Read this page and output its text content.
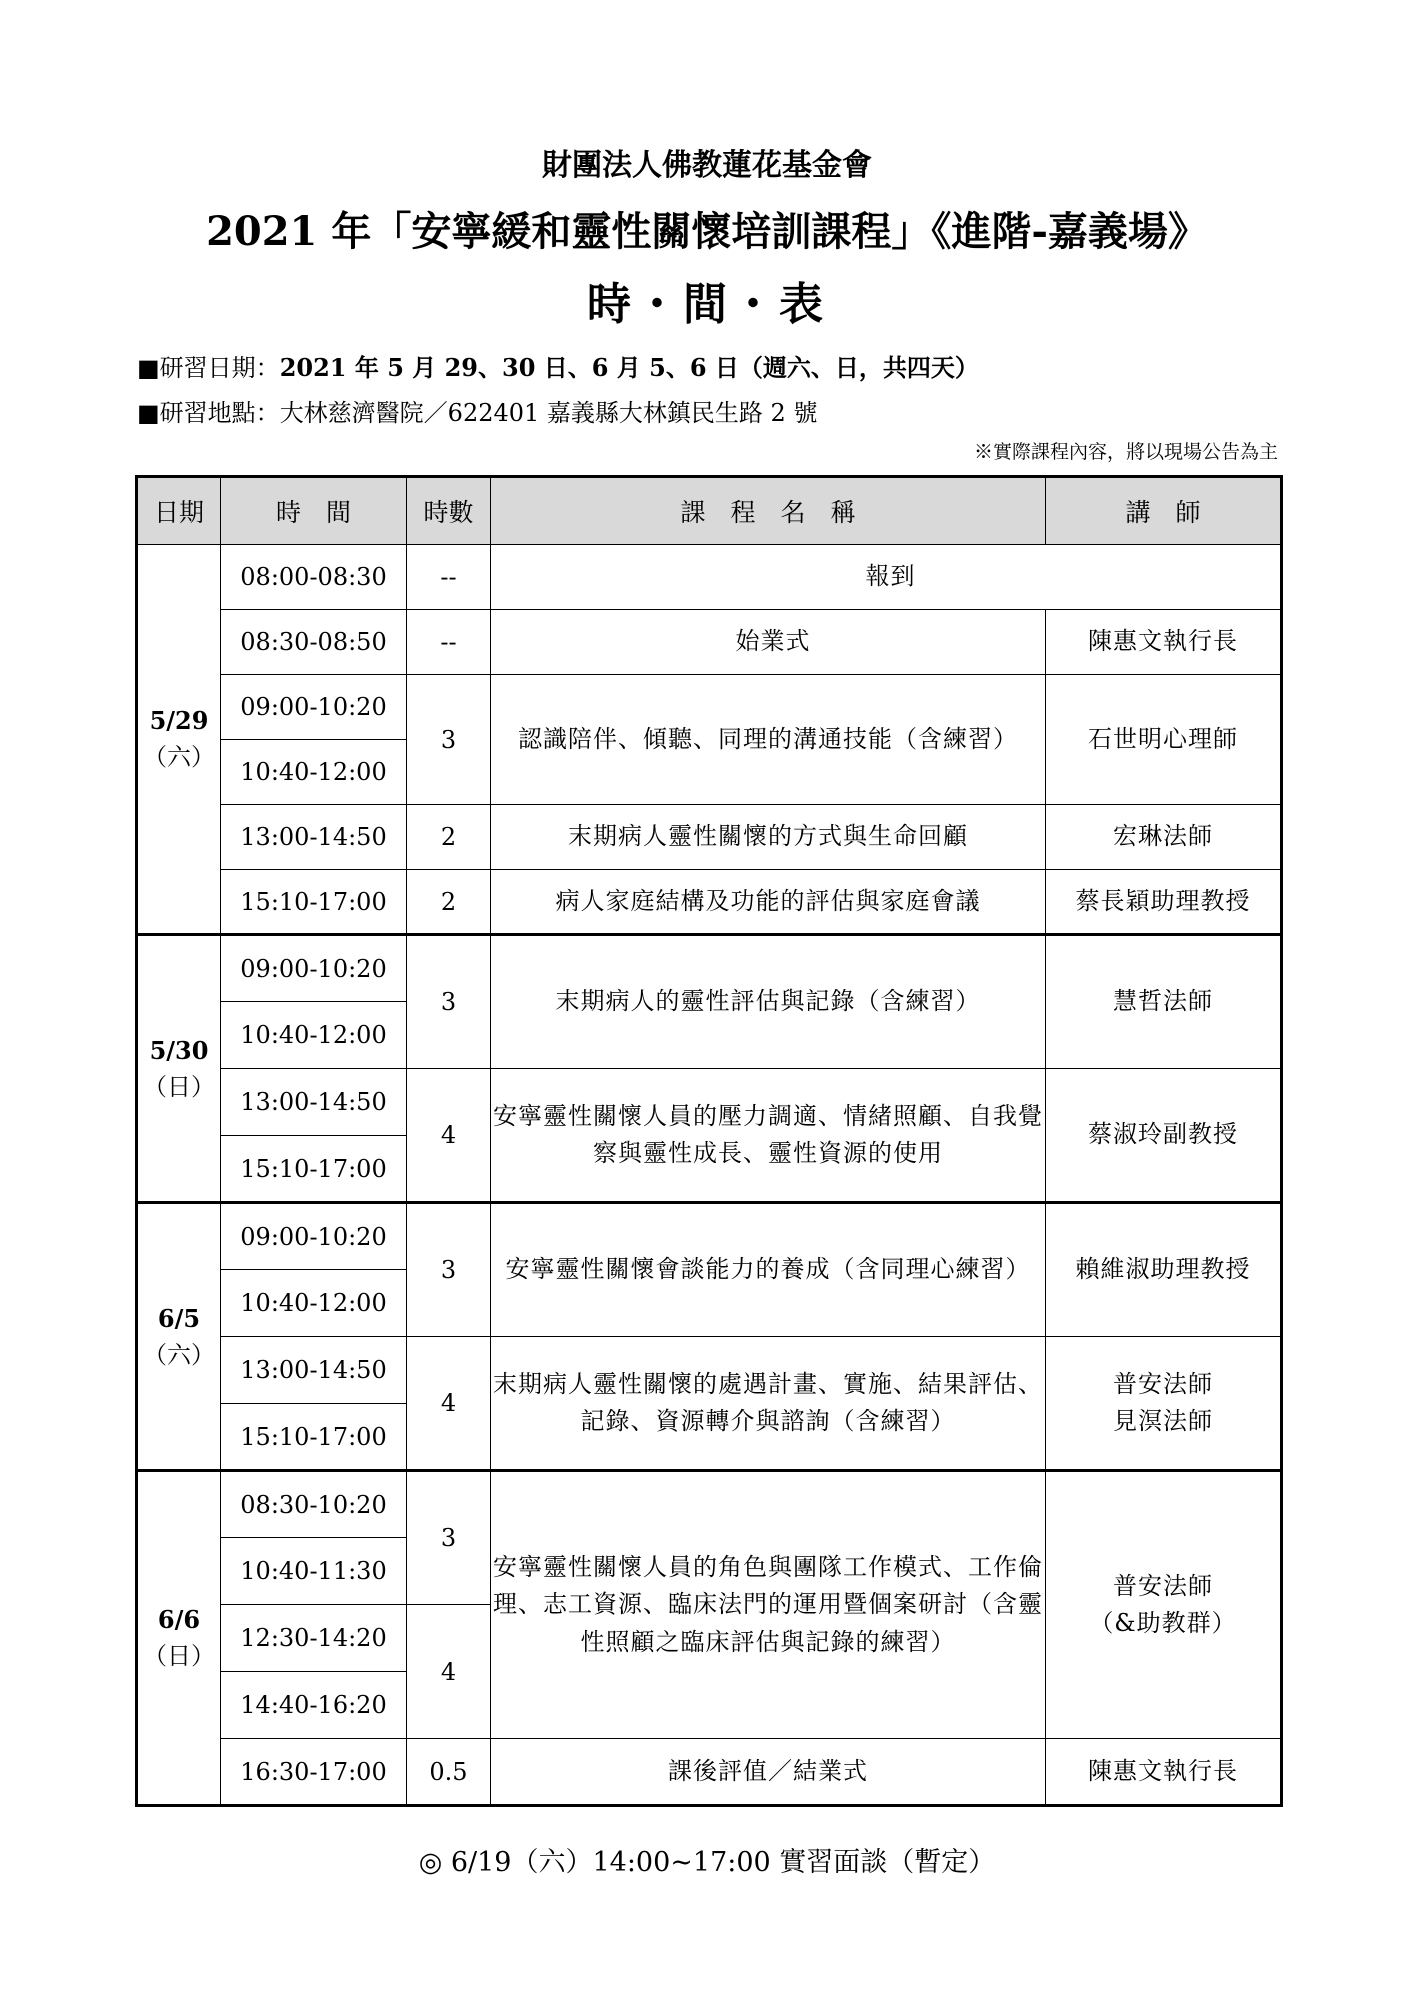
財團法人佛教蓮花基金會
2021 年「安寧緩和靈性關懷培訓課程」《進階-嘉義場》
時・間・表
■研習日期：2021 年 5 月 29、30 日、6 月 5、6 日（週六、日，共四天）
■研習地點：大林慈濟醫院／622401 嘉義縣大林鎮民生路 2 號
※實際課程內容，將以現場公告為主
日期	時　間	時數	課　程　名　稱	講　師
5/29
（六）	08:00-08:30	--	報到	
	08:30-08:50	--	始業式	陳惠文執行長
	09:00-10:20	3	認識陪伴、傾聽、同理的溝通技能（含練習）	石世明心理師
	10:40-12:00			
	13:00-14:50	2	末期病人靈性關懷的方式與生命回顧	宏琳法師
	15:10-17:00	2	病人家庭結構及功能的評估與家庭會議	蔡長穎助理教授
5/30
（日）	09:00-10:20	3	末期病人的靈性評估與記錄（含練習）	慧哲法師
	10:40-12:00			
	13:00-14:50	4	安寧靈性關懷人員的壓力調適、情緒照顧、自我覺察與靈性成長、靈性資源的使用	蔡淑玲副教授
	15:10-17:00			
6/5
（六）	09:00-10:20	3	安寧靈性關懷會談能力的養成（含同理心練習）	賴維淑助理教授
	10:40-12:00			
	13:00-14:50	4	末期病人靈性關懷的處遇計畫、實施、結果評估、記錄、資源轉介與諮詢（含練習）	普安法師
見溟法師
	15:10-17:00			
6/6
（日）	08:30-10:20	3	安寧靈性關懷人員的角色與團隊工作模式、工作倫理、志工資源、臨床法門的運用暨個案研討（含靈性照顧之臨床評估與記錄的練習）	普安法師
（&助教群）
	10:40-11:30			
	12:30-14:20	4		
	14:40-16:20			
	16:30-17:00	0.5	課後評值／結業式	陳惠文執行長
◎ 6/19（六）14:00~17:00 實習面談（暫定）
